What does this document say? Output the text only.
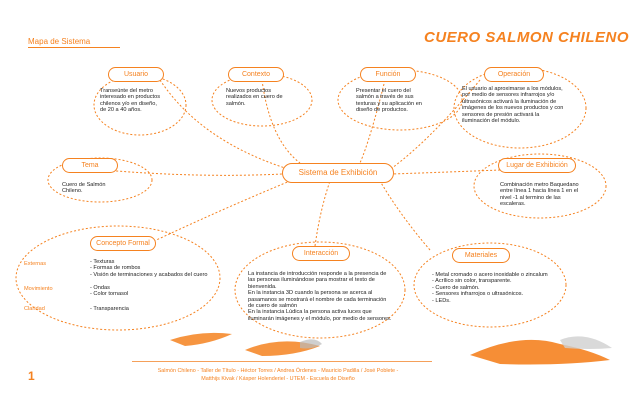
Mapa de Sistema	CUERO SALMON CHILENO
Sistema de Exhibición
Usuario
Transeúnte del metro
interesado en productos
chilenos y/o en diseño,
de 20 a 40 años.
Contexto
Nuevos productos
realizados en cuero de
salmón.
Función
Presentar el cuero del
salmón a través de sus
texturas y su aplicación en
diseño de productos.
Operación
El usuario al aproximarse a los módulos,
por medio de sensores infrarrojos y/o
ultrasónicos activará la iluminación de
imágenes de los nuevos productos y con
sensores de presión activará la
iluminación del módulo.
Tema
Cuero de Salmón
Chileno.
Lugar de Exhibición
Combinación metro Baquedano
entre línea 1 hacia línea 1 en el
nivel -1 al termino de las
escaleras.
Concepto Formal
Externas	- Texturas
- Formas de rombos
- Visión de terminaciones y acabados del cuero
Movimiento	- Ondas
- Color tornasol
Claridad	- Transparencia
Interacción
La instancia de introducción responde a la presencia de
las personas iluminándose para mostrar el texto de
bienvenida.
En la instancia 3D cuando la persona se acerca al
pasamanos se mostrará el nombre de cada terminación
de cuero de salmón
En la instancia Lúdica la persona activa luces que
iluminarán imágenes y el módulo, por medio de sensores.
Materiales
- Metal cromado o acero inoxidable o zincalum
- Acrílico sin color, transparente.
- Cuero de salmón.
- Sensores infrarrojos o ultrasónicos.
- LEDs.
1	Salmón Chileno - Taller de Título - Héctor Torres / Andrea Órdenes - Mauricio Padilla / José Poblete -
Matthijs Kivak / Kásper Holenderiel - UTEM - Escuela de Diseño
